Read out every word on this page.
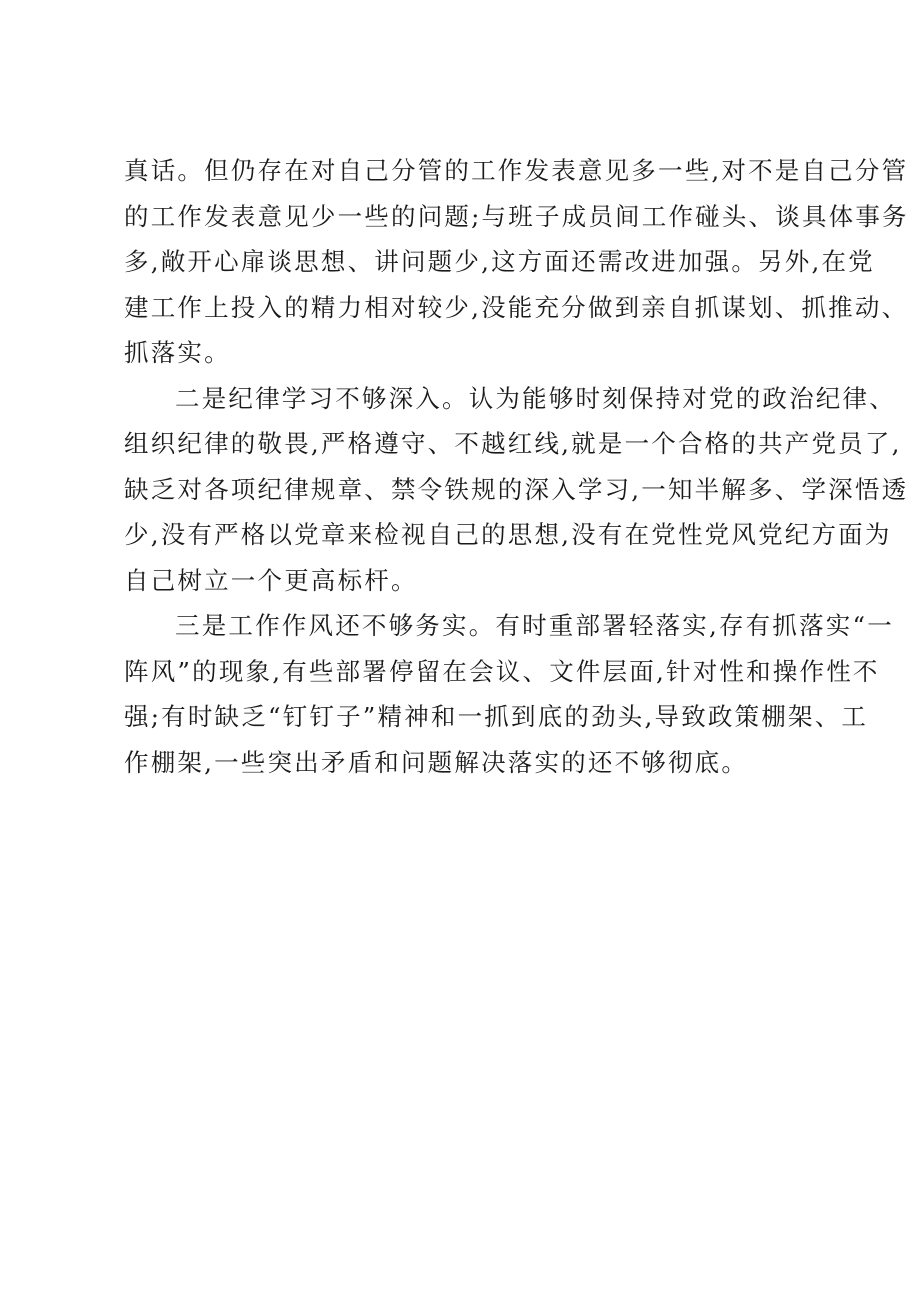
真话。但仍存在对自己分管的工作发表意见多一些,对不是自己分管
的工作发表意见少一些的问题;与班子成员间工作碰头、谈具体事务
多,敞开心扉谈思想、讲问题少,这方面还需改进加强。另外,在党
建工作上投入的精力相对较少,没能充分做到亲自抓谋划、抓推动、
抓落实。

二是纪律学习不够深入。认为能够时刻保持对党的政治纪律、
组织纪律的敬畏,严格遵守、不越红线,就是一个合格的共产党员了,
缺乏对各项纪律规章、禁令铁规的深入学习,一知半解多、学深悟透
少,没有严格以党章来检视自己的思想,没有在党性党风党纪方面为
自己树立一个更高标杆。

三是工作作风还不够务实。有时重部署轻落实,存有抓落实“一
阵风”的现象,有些部署停留在会议、文件层面,针对性和操作性不
强;有时缺乏“钉钉子”精神和一抓到底的劲头,导致政策棚架、工
作棚架,一些突出矛盾和问题解决落实的还不够彻底。
